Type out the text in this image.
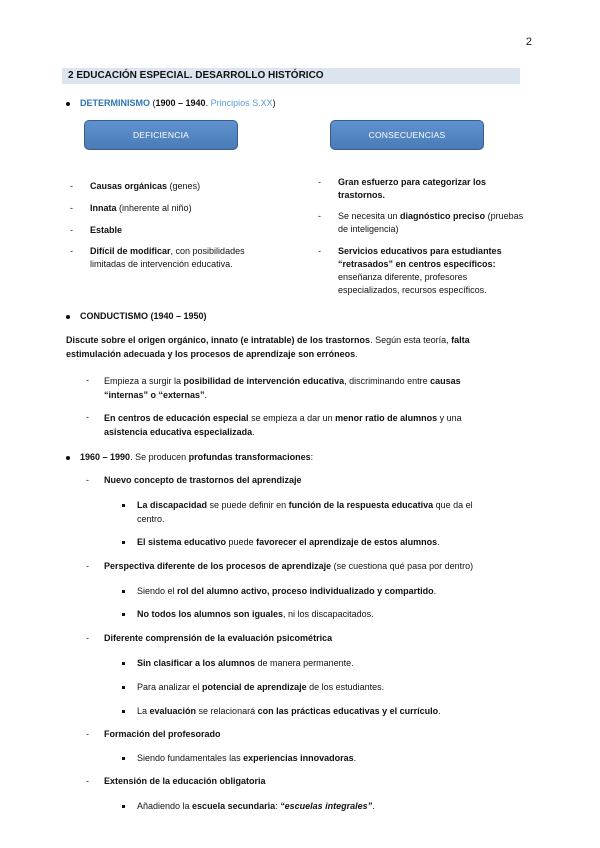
2
2 EDUCACIÓN ESPECIAL. DESARROLLO HISTÓRICO
DETERMINISMO (1900 – 1940. Principios S.XX)
DEFICIENCIA	CONSECUENCIAS
- Causas orgánicas (genes)
- Innata (inherente al niño)
- Estable
- Difícil de modificar, con posibilidades
limitadas de intervención educativa.
- Gran esfuerzo para categorizar los
trastornos.
- Se necesita un diagnóstico preciso (pruebas
de inteligencia)
- Servicios educativos para estudiantes
“retrasados” en centros específicos:
enseñanza diferente, profesores
especializados, recursos específicos.
CONDUCTISMO (1940 – 1950)
Discute sobre el origen orgánico, innato (e intratable) de los trastornos. Según esta teoría, falta
estimulación adecuada y los procesos de aprendizaje son erróneos.
- Empieza a surgir la posibilidad de intervención educativa, discriminando entre causas
“internas” o “externas”.
- En centros de educación especial se empieza a dar un menor ratio de alumnos y una
asistencia educativa especializada.
1960 – 1990. Se producen profundas transformaciones:
- Nuevo concepto de trastornos del aprendizaje
La discapacidad se puede definir en función de la respuesta educativa que da el
centro.
El sistema educativo puede favorecer el aprendizaje de estos alumnos.
- Perspectiva diferente de los procesos de aprendizaje (se cuestiona qué pasa por dentro)
Siendo el rol del alumno activo, proceso individualizado y compartido.
No todos los alumnos son iguales, ni los discapacitados.
- Diferente comprensión de la evaluación psicométrica
Sin clasificar a los alumnos de manera permanente.
Para analizar el potencial de aprendizaje de los estudiantes.
La evaluación se relacionará con las prácticas educativas y el currículo.
- Formación del profesorado
Siendo fundamentales las experiencias innovadoras.
- Extensión de la educación obligatoria
Añadiendo la escuela secundaria: “escuelas integrales”.
